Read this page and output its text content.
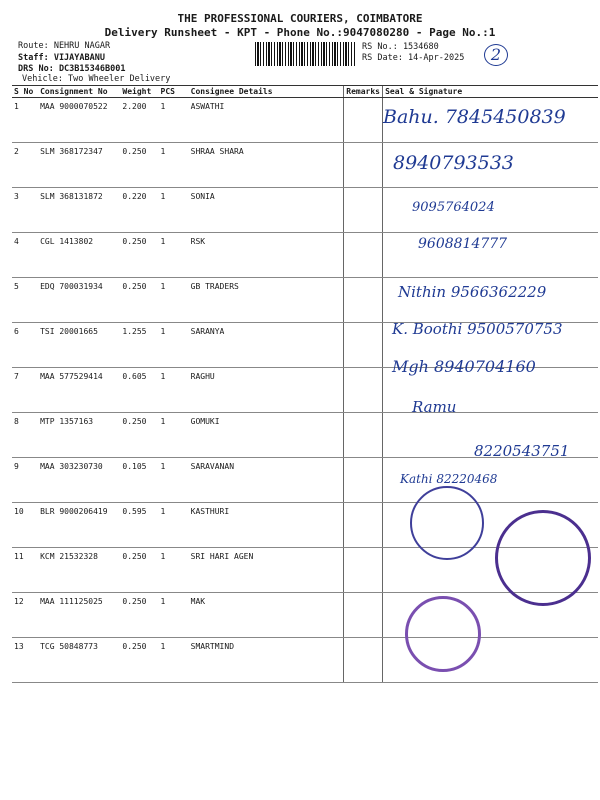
THE PROFESSIONAL COURIERS, COIMBATORE
Delivery Runsheet - KPT - Phone No.:9047080280 - Page No.:1
Route: NEHRU NAGAR
Staff: VIJAYABANU
DRS No: DC3B15346B001
Vehicle: Two Wheeler Delivery
RS No.: 1534680
RS Date: 14-Apr-2025	2
S No	Consignment No	Weight	PCS	Consignee Details	Remarks	Seal & Signature
1	MAA 9000070522	2.200	1	ASWATHI		
2	SLM 368172347	0.250	1	SHRAA SHARA		
3	SLM 368131872	0.220	1	SONIA		
4	CGL 1413802	0.250	1	RSK		
5	EDQ 700031934	0.250	1	GB TRADERS		
6	TSI 20001665	1.255	1	SARANYA		
7	MAA 577529414	0.605	1	RAGHU		
8	MTP 1357163	0.250	1	GOMUKI		
9	MAA 303230730	0.105	1	SARAVANAN		
10	BLR 9000206419	0.595	1	KASTHURI		
11	KCM 21532328	0.250	1	SRI HARI AGEN		
12	MAA 111125025	0.250	1	MAK		
13	TCG 50848773	0.250	1	SMARTMIND		
Bahu. 7845450839
8940793533
9095764024
9608814777
Nithin 9566362229
K. Boothi 9500570753
Mgh 8940704160
Ramu
8220543751
Kathi 82220468
